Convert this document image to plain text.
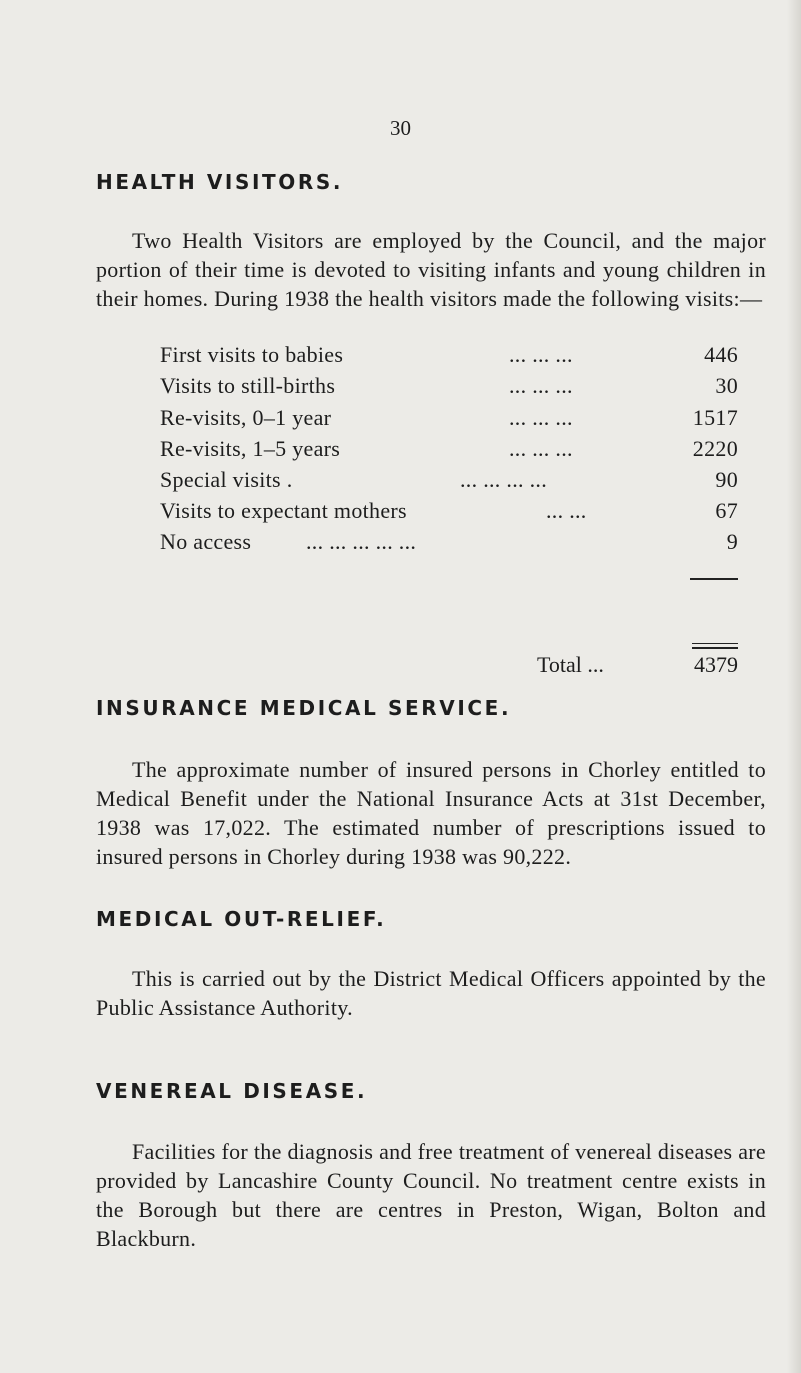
30
HEALTH VISITORS.

Two Health Visitors are employed by the Council, and the major portion of their time is devoted to visiting infants and young children in their homes. During 1938 the health visitors made the following visits:—

First visits to babies	... ... ...	446
Visits to still-births	... ... ...	30
Re-visits, 0–1 year	... ... ...	1517
Re-visits, 1–5 years	... ... ...	2220
Special visits .	... ... ... ...	90
Visits to expectant mothers	... ...	67
No access ... ... ... ... ...	9
Total ...	4379
INSURANCE MEDICAL SERVICE.

The approximate number of insured persons in Chorley entitled to Medical Benefit under the National Insurance Acts at 31st December, 1938 was 17,022. The estimated number of prescriptions issued to insured persons in Chorley during 1938 was 90,222.

MEDICAL OUT-RELIEF.

This is carried out by the District Medical Officers appointed by the Public Assistance Authority.

VENEREAL DISEASE.

Facilities for the diagnosis and free treatment of venereal diseases are provided by Lancashire County Council. No treatment centre exists in the Borough but there are centres in Preston, Wigan, Bolton and Blackburn.
